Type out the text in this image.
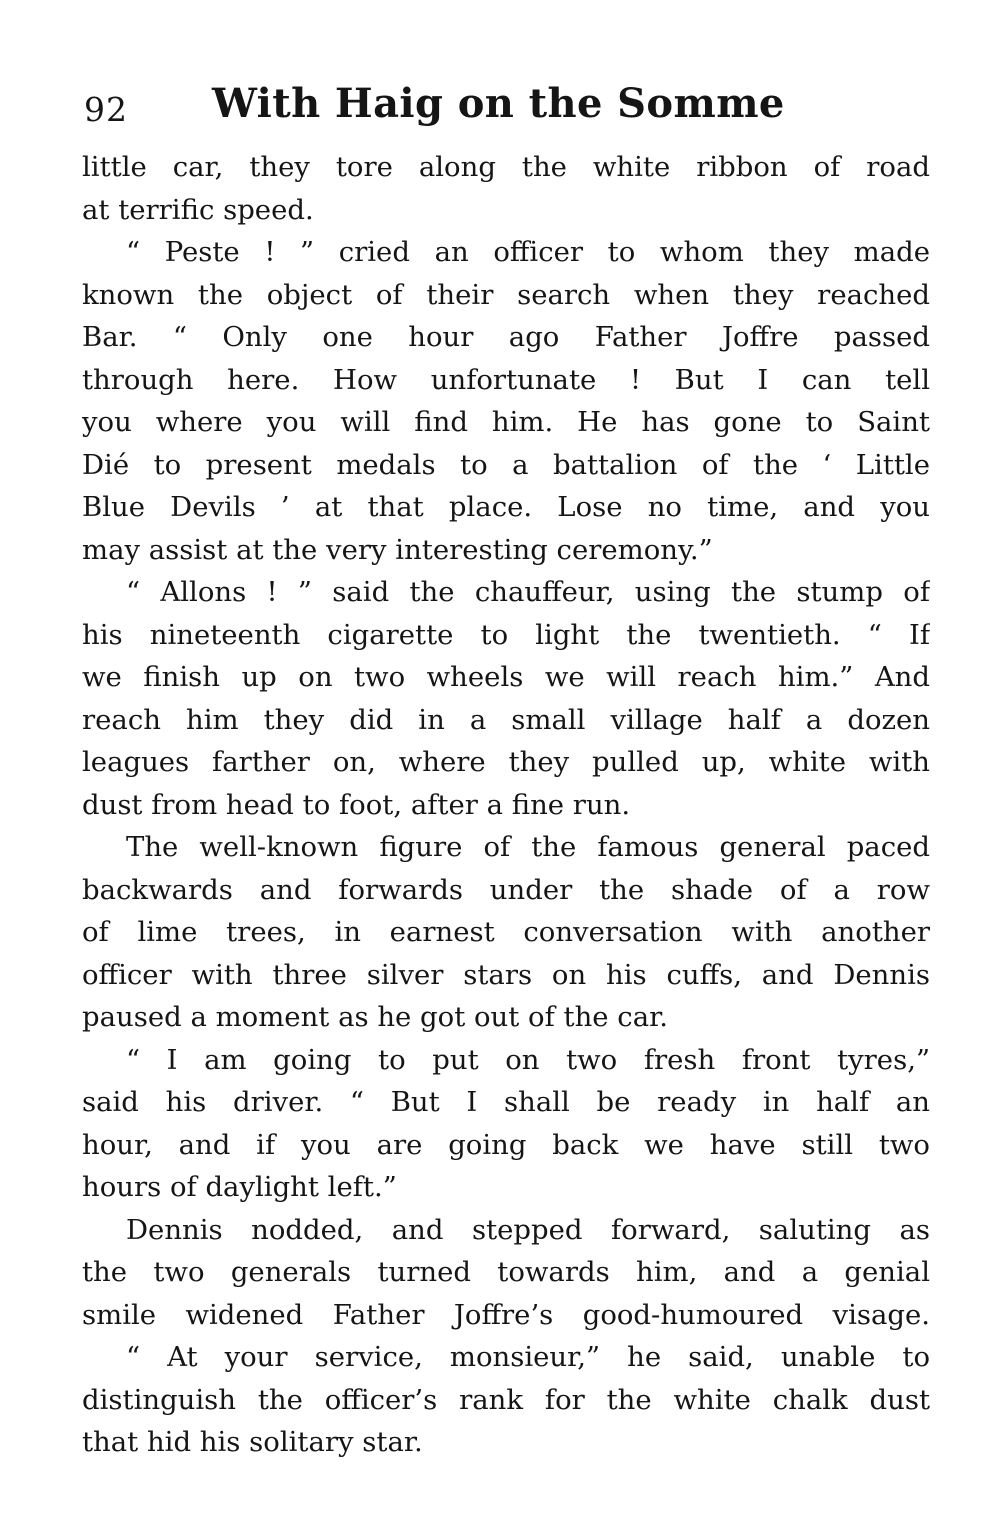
92 With Haig on the Somme
little car, they tore along the white ribbon of road
at terrific speed.
“ Peste ! ” cried an officer to whom they made
known the object of their search when they reached
Bar. “ Only one hour ago Father Joffre passed
through here. How unfortunate ! But I can tell
you where you will find him. He has gone to Saint
Dié to present medals to a battalion of the ‘ Little
Blue Devils ’ at that place. Lose no time, and you
may assist at the very interesting ceremony.”
“ Allons ! ” said the chauffeur, using the stump of
his nineteenth cigarette to light the twentieth. “ If
we finish up on two wheels we will reach him.” And
reach him they did in a small village half a dozen
leagues farther on, where they pulled up, white with
dust from head to foot, after a fine run.
The well-known figure of the famous general paced
backwards and forwards under the shade of a row
of lime trees, in earnest conversation with another
officer with three silver stars on his cuffs, and Dennis
paused a moment as he got out of the car.
“ I am going to put on two fresh front tyres,”
said his driver. “ But I shall be ready in half an
hour, and if you are going back we have still two
hours of daylight left.”
Dennis nodded, and stepped forward, saluting as
the two generals turned towards him, and a genial
smile widened Father Joffre’s good-humoured visage.
“ At your service, monsieur,” he said, unable to
distinguish the officer’s rank for the white chalk dust
that hid his solitary star.
